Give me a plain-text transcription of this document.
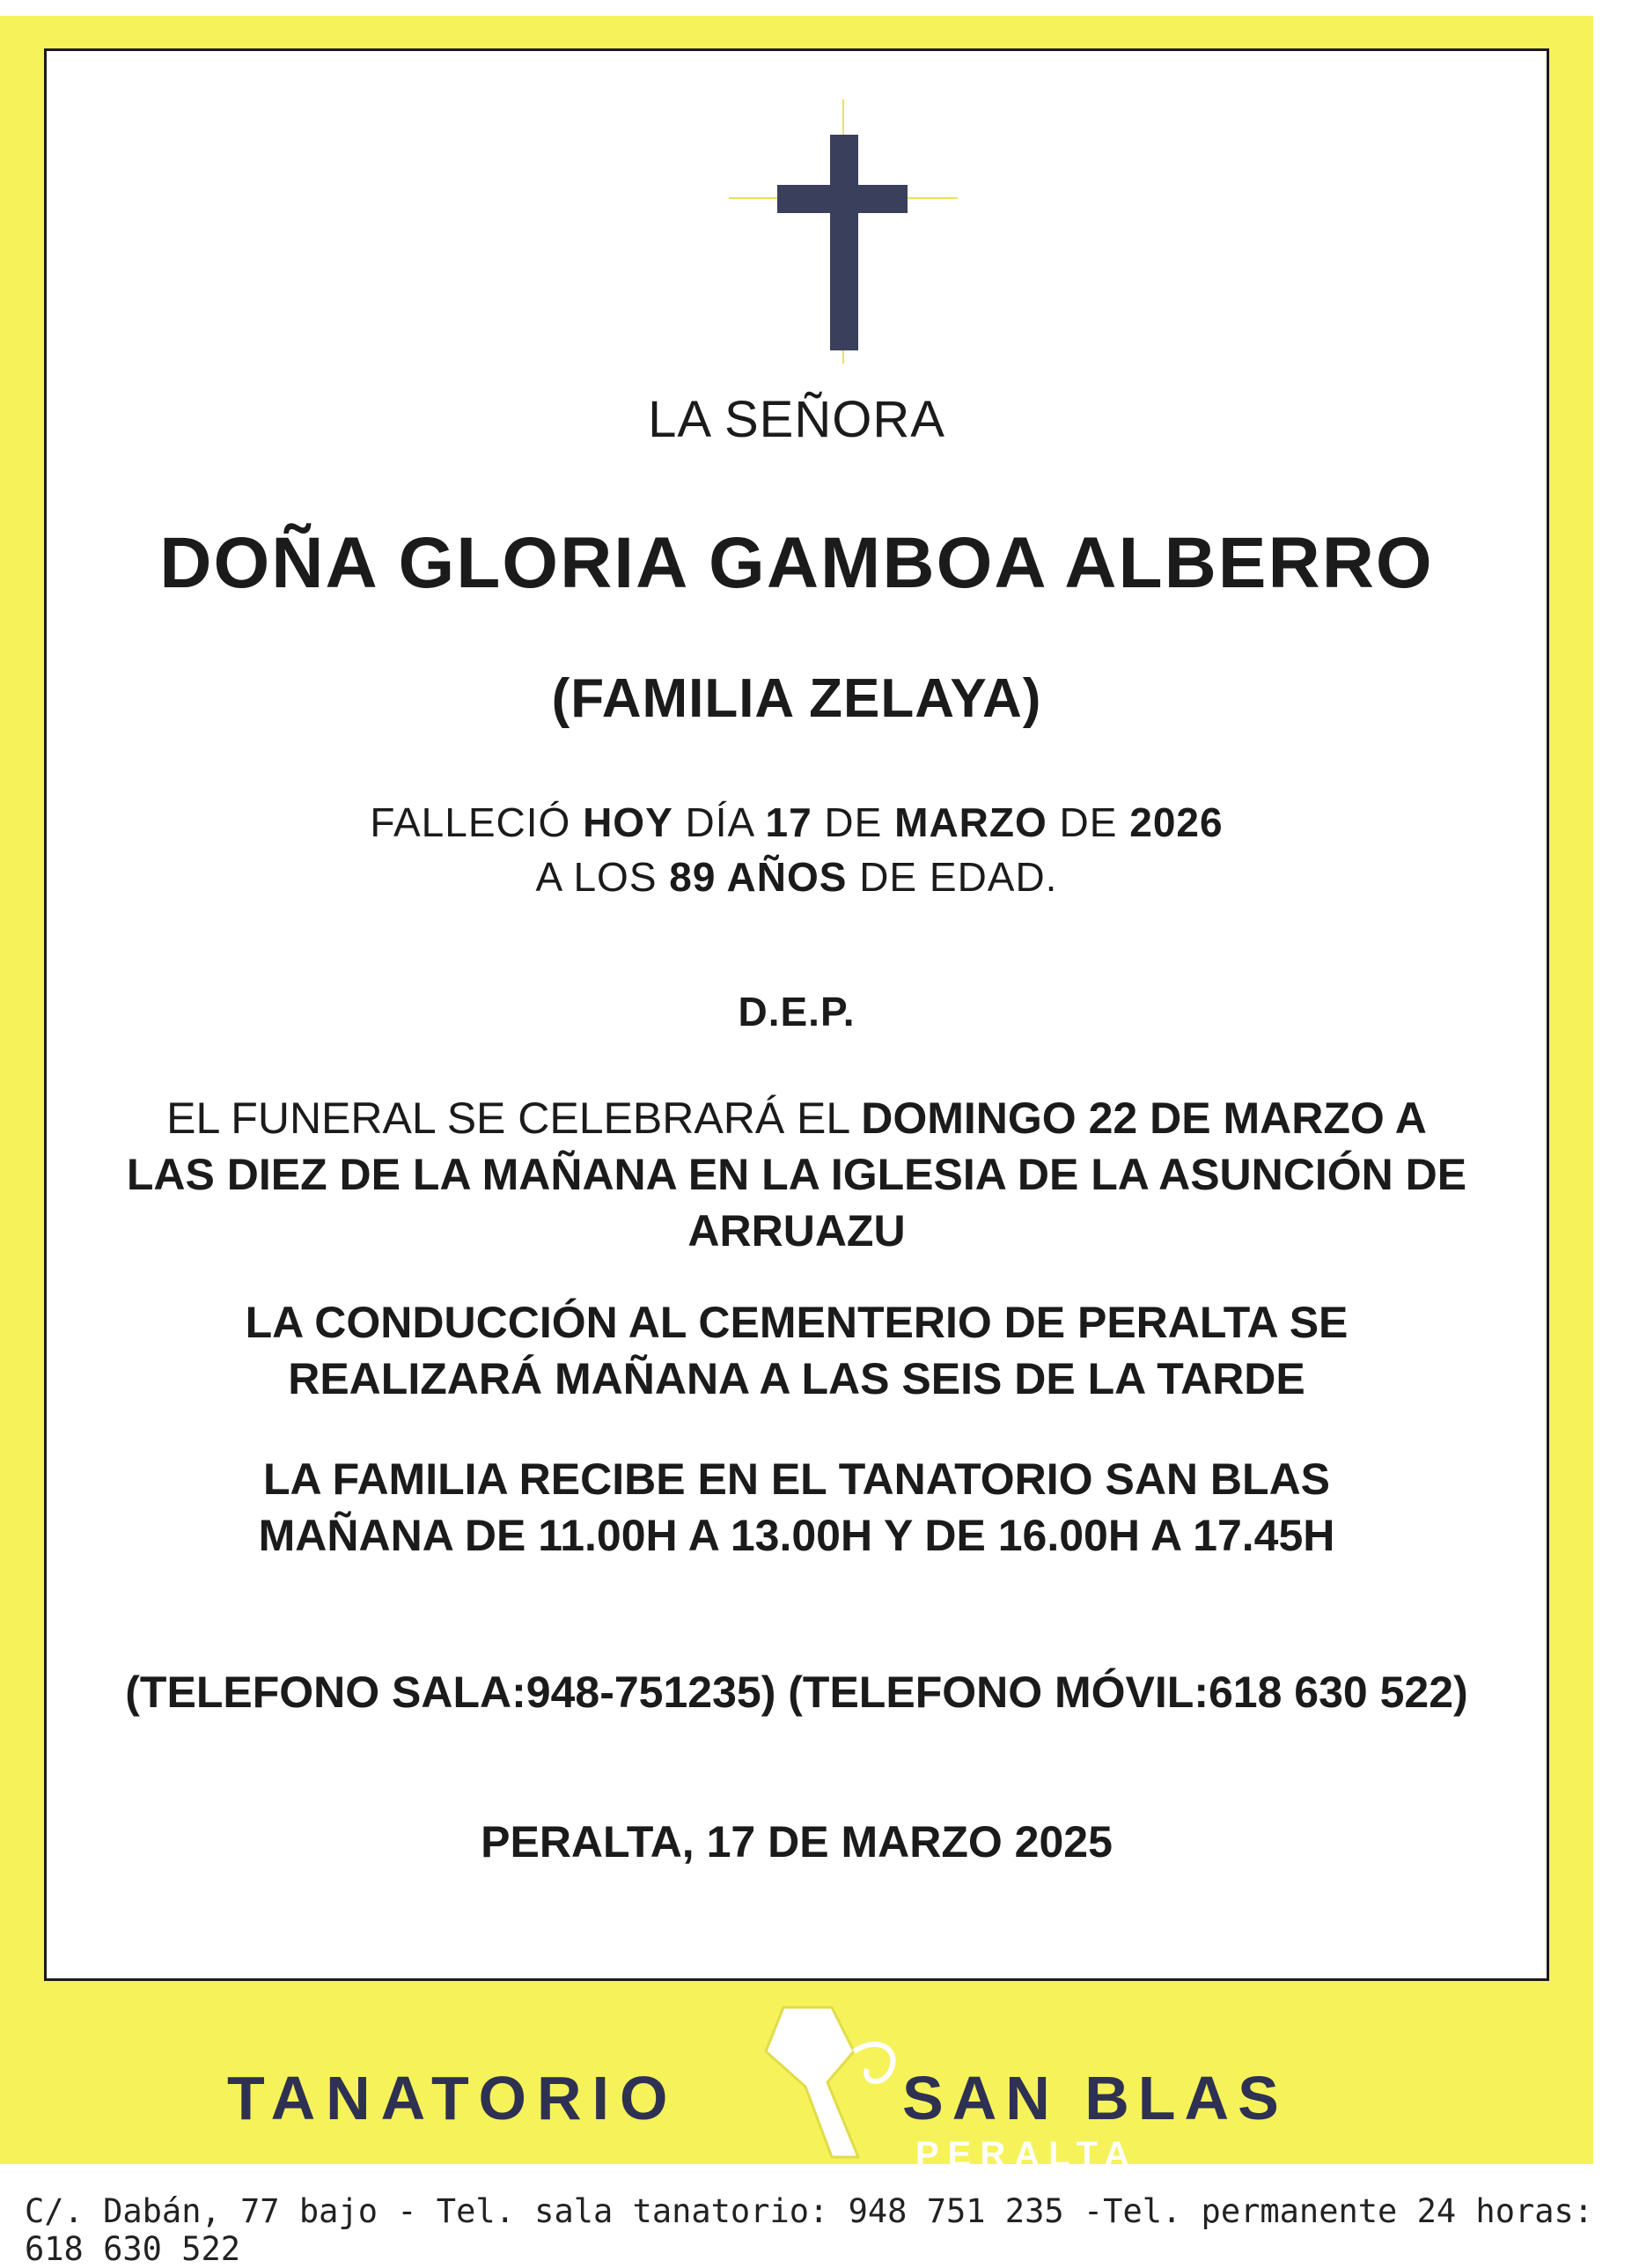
LA SEÑORA
DOÑA GLORIA GAMBOA ALBERRO
(FAMILIA ZELAYA)
FALLECIÓ HOY DÍA 17 DE MARZO DE 2026
A LOS 89 AÑOS DE EDAD.
D.E.P.
EL FUNERAL SE CELEBRARÁ EL DOMINGO 22 DE MARZO A
LAS DIEZ DE LA MAÑANA EN LA IGLESIA DE LA ASUNCIÓN DE
ARRUAZU
LA CONDUCCIÓN AL CEMENTERIO DE PERALTA SE
REALIZARÁ MAÑANA A LAS SEIS DE LA TARDE
LA FAMILIA RECIBE EN EL TANATORIO SAN BLAS
MAÑANA DE 11.00H A 13.00H Y DE 16.00H A 17.45H
(TELEFONO SALA:948-751235) (TELEFONO MÓVIL:618 630 522)
PERALTA, 17 DE MARZO 2025
TANATORIO	SAN BLAS
PERALTA
C/. Dabán, 77 bajo - Tel. sala tanatorio: 948 751 235 -Tel. permanente 24 horas: 618 630 522
